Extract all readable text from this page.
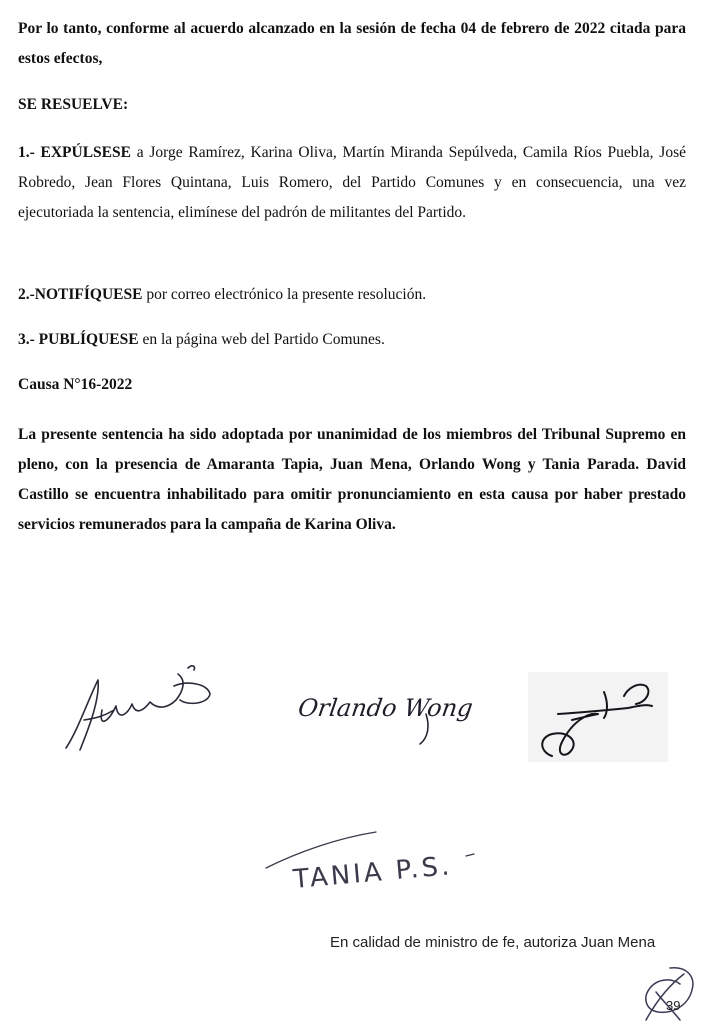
Por lo tanto, conforme al acuerdo alcanzado en la sesión de fecha 04 de febrero de 2022 citada para estos efectos,

SE RESUELVE:

1.- EXPÚLSESE a Jorge Ramírez, Karina Oliva, Martín Miranda Sepúlveda, Camila Ríos Puebla, José Robredo, Jean Flores Quintana, Luis Romero, del Partido Comunes y en consecuencia, una vez ejecutoriada la sentencia, elimínese del padrón de militantes del Partido.

2.-NOTIFÍQUESE por correo electrónico la presente resolución.

3.- PUBLÍQUESE en la página web del Partido Comunes.

Causa N°16-2022

La presente sentencia ha sido adoptada por unanimidad de los miembros del Tribunal Supremo en pleno, con la presencia de Amaranta Tapia, Juan Mena, Orlando Wong y Tania Parada. David Castillo se encuentra inhabilitado para omitir pronunciamiento en esta causa por haber prestado servicios remunerados para la campaña de Karina Oliva.

Orlando Wong
TANIA P.S.

En calidad de ministro de fe, autoriza Juan Mena

39
